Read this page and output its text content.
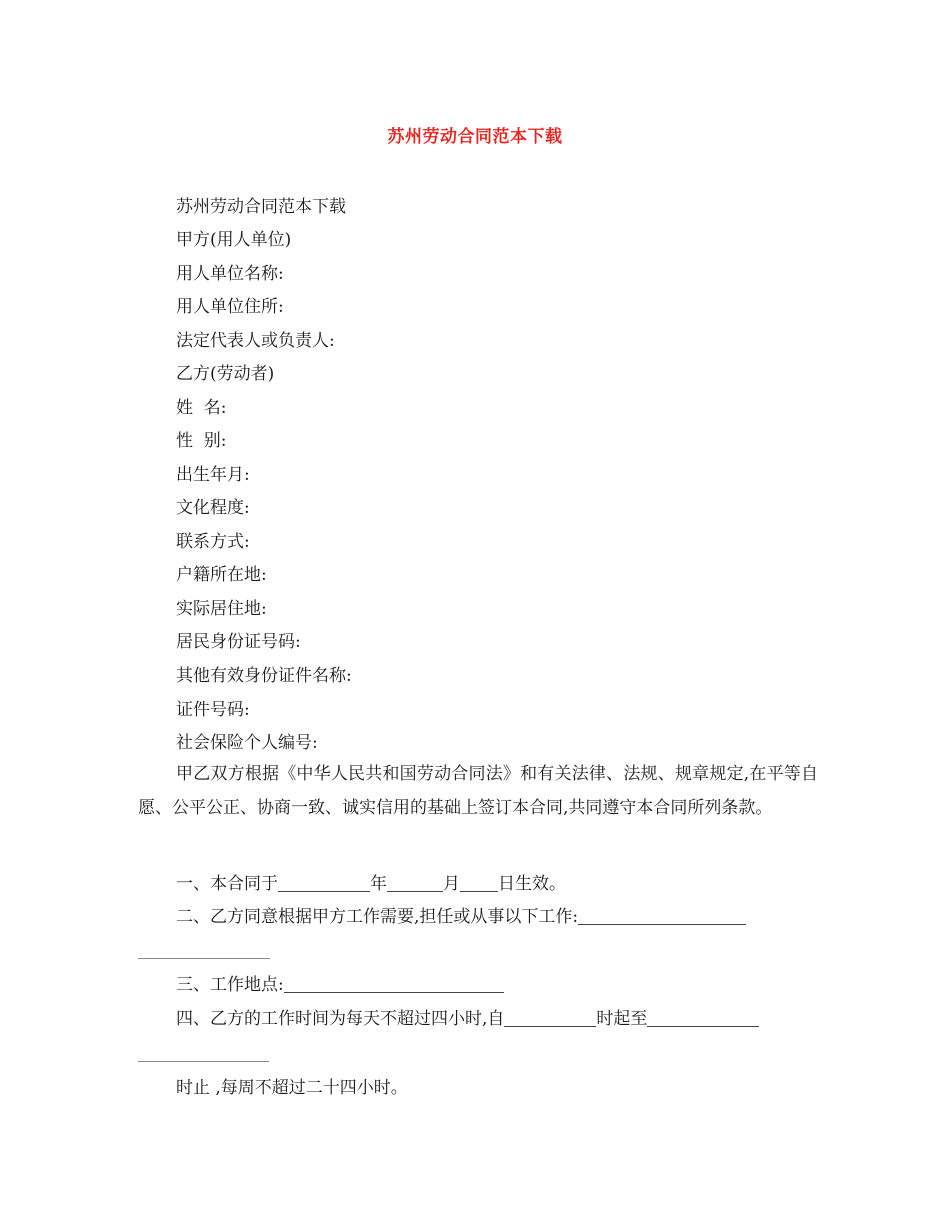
苏州劳动合同范本下载
苏州劳动合同范本下载
甲方(用人单位)
用人单位名称:
用人单位住所:
法定代表人或负责人:
乙方(劳动者)
姓  名:
性  别:
出生年月:
文化程度:
联系方式:
户籍所在地:
实际居住地:
居民身份证号码:
其他有效身份证件名称:
证件号码:
社会保险个人编号:
甲乙双方根据《中华人民共和国劳动合同法》和有关法律、法规、规章规定,在平等自愿、公平公正、协商一致、诚实信用的基础上签订本合同,共同遵守本合同所列条款。
一、本合同于	年	月 日生效。
二、乙方同意根据甲方工作需要,担任或从事以下工作:
三、工作地点:
四、乙方的工作时间为每天不超过四小时,自	时起至
时止 ,每周不超过二十四小时。
